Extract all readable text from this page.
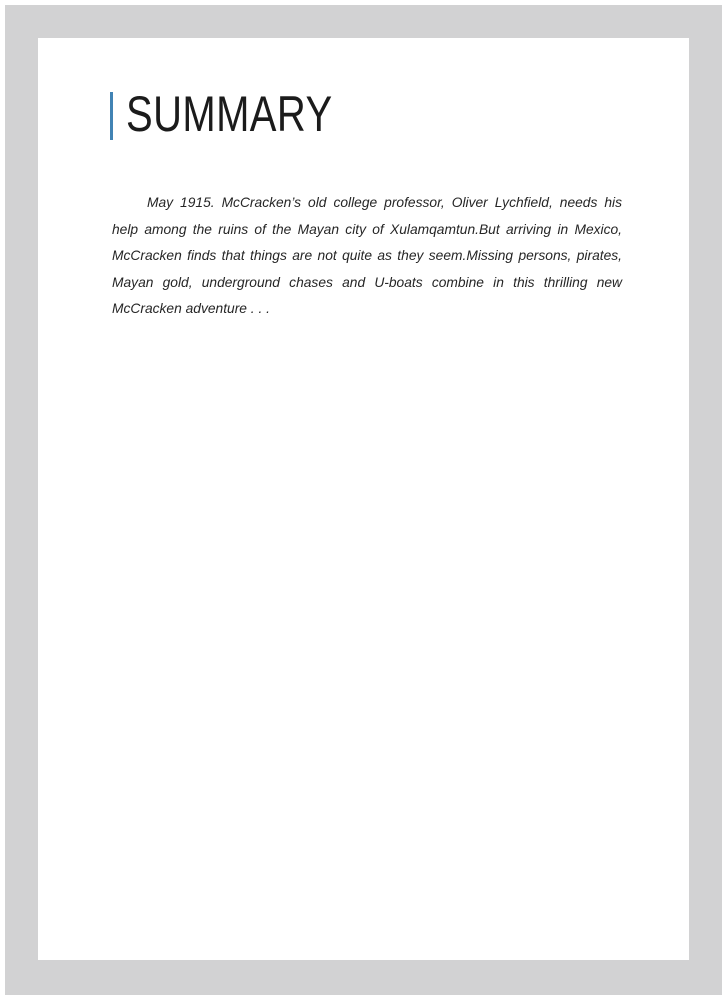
SUMMARY
May 1915. McCracken’s old college professor, Oliver Lychfield, needs his
help among the ruins of the Mayan city of Xulamqamtun.But arriving in Mexico,
McCracken finds that things are not quite as they seem.Missing persons, pirates,
Mayan gold, underground chases and U-boats combine in this thrilling new
McCracken adventure . . .
